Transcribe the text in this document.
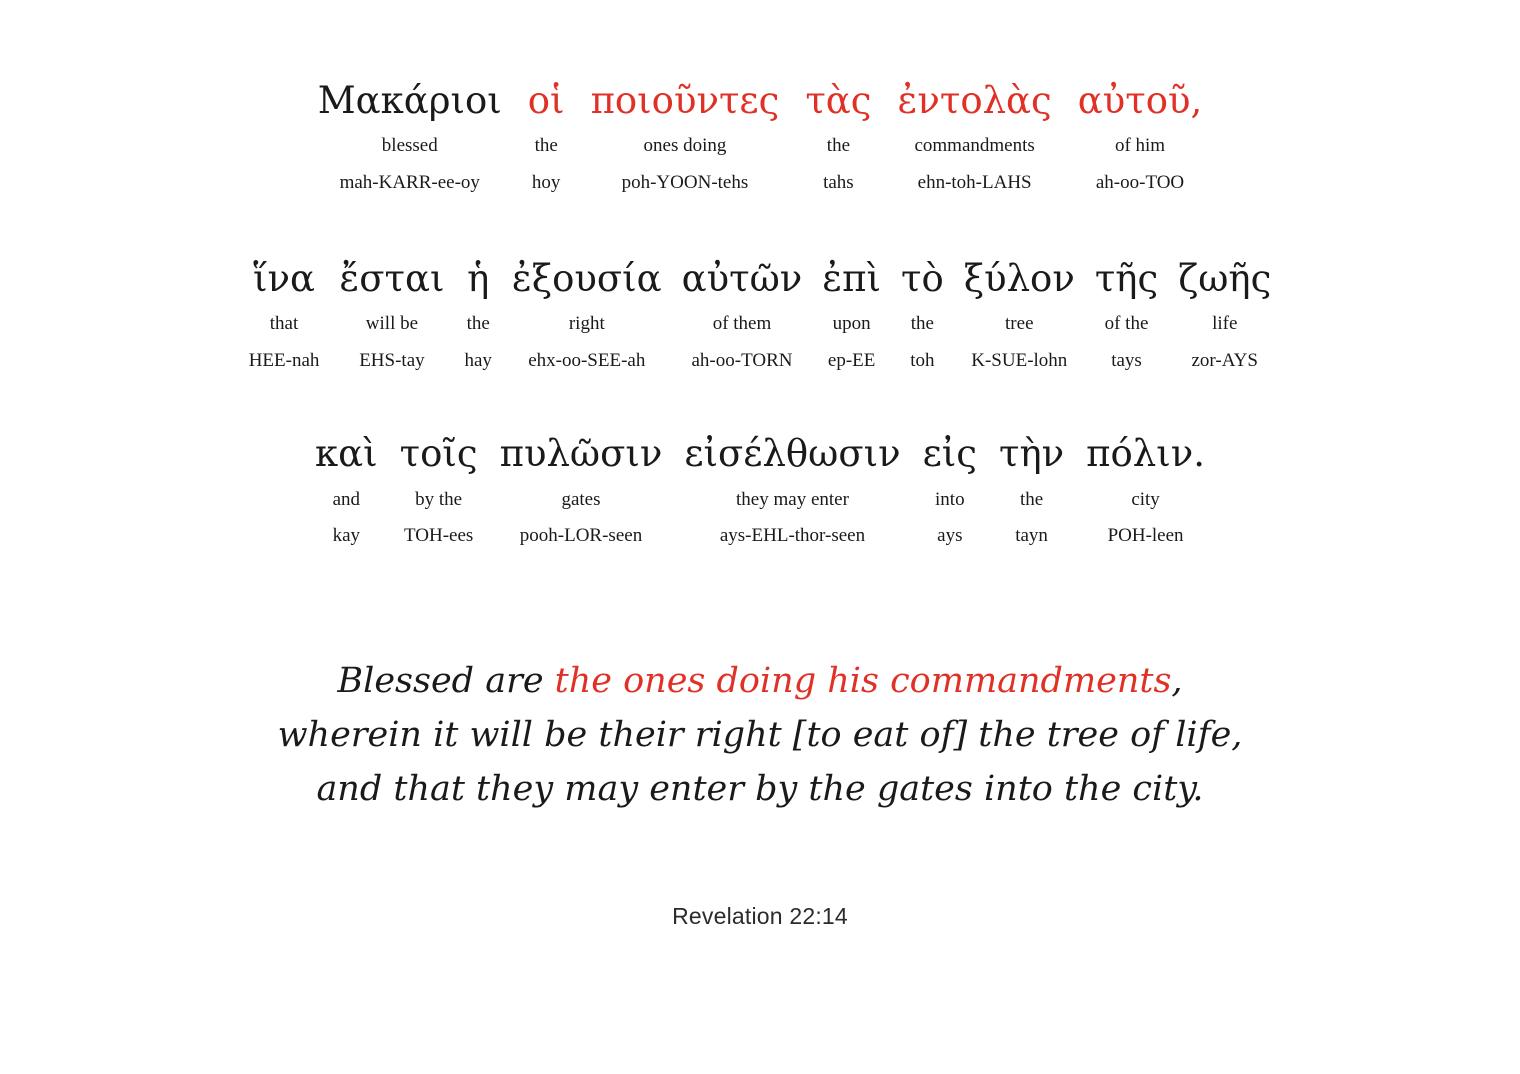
Μακάριοι
blessed
mah-KARR-ee-oy
οἱ
the
hoy
ποιοῦντες
ones doing
poh-YOON-tehs
τὰς
the
tahs
ἐντολὰς
commandments
ehn-toh-LAHS
αὐτοῦ,
of him
ah-oo-TOO
ἵνα
that
HEE-nah
ἔσται
will be
EHS-tay
ἡ
the
hay
ἐξουσία
right
ehx-oo-SEE-ah
αὐτῶν
of them
ah-oo-TORN
ἐπὶ
upon
ep-EE
τὸ
the
toh
ξύλον
tree
K-SUE-lohn
τῆς
of the
tays
ζωῆς
life
zor-AYS
καὶ
and
kay
τοῖς
by the
TOH-ees
πυλῶσιν
gates
pooh-LOR-seen
εἰσέλθωσιν
they may enter
ays-EHL-thor-seen
εἰς
into
ays
τὴν
the
tayn
πόλιν.
city
POH-leen
Blessed are the ones doing his commandments,
wherein it will be their right [to eat of] the tree of life,
and that they may enter by the gates into the city.
Revelation 22:14
